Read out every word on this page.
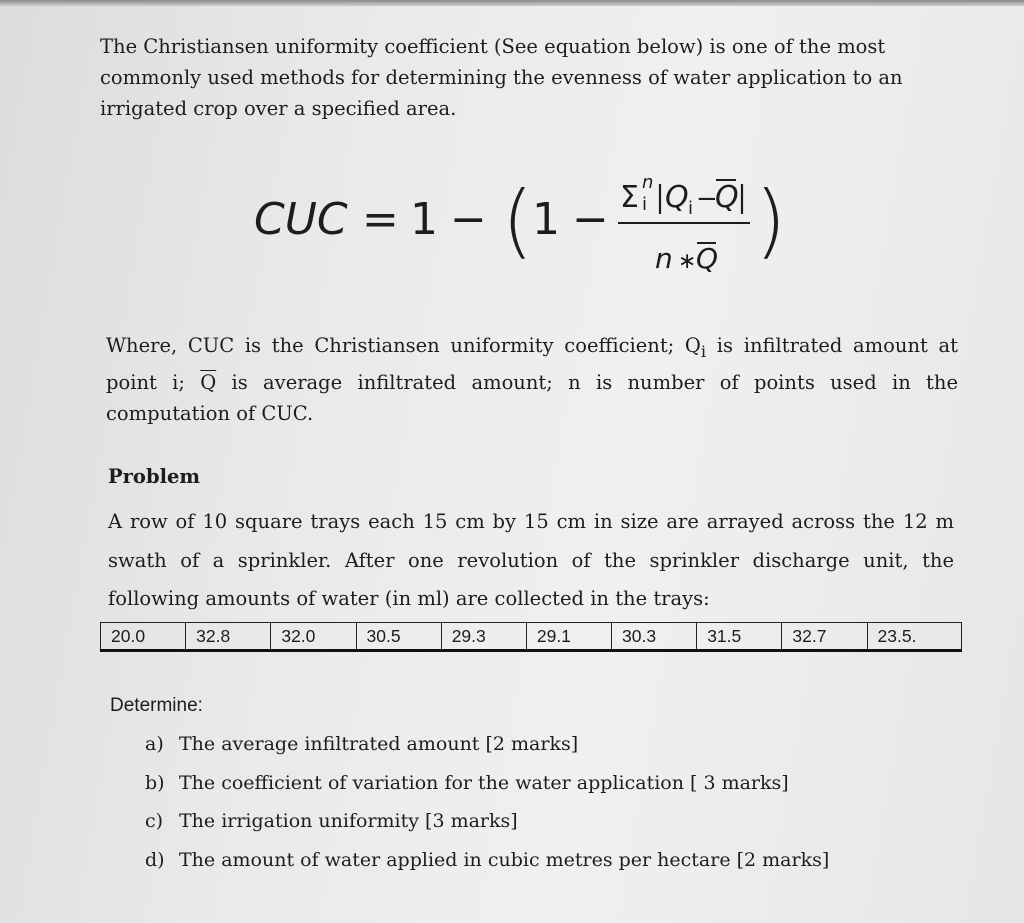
The Christiansen uniformity coefficient (See equation below) is one of the most commonly used methods for determining the evenness of water application to an irrigated crop over a specified area.

CUC = 1 − (
1 − Σ n
i Q i −
Q
n ∗ Q )

Where, CUC is the Christiansen uniformity coefficient; $Q_i$ is infiltrated amount at point i; $\overline{Q}$ is average infiltrated amount; n is number of points used in the computation of CUC.

Problem

A row of 10 square trays each 15 cm by 15 cm in size are arrayed across the 12 m swath of a sprinkler. After one revolution of the sprinkler discharge unit, the following amounts of water (in ml) are collected in the trays:

20.0	32.8	32.0	30.5	29.3	29.1	30.3	31.5	32.7	23.5.

Determine:

a) The average infiltrated amount [2 marks]
b) The coefficient of variation for the water application [ 3 marks]
c) The irrigation uniformity [3 marks]
d) The amount of water applied in cubic metres per hectare [2 marks]
